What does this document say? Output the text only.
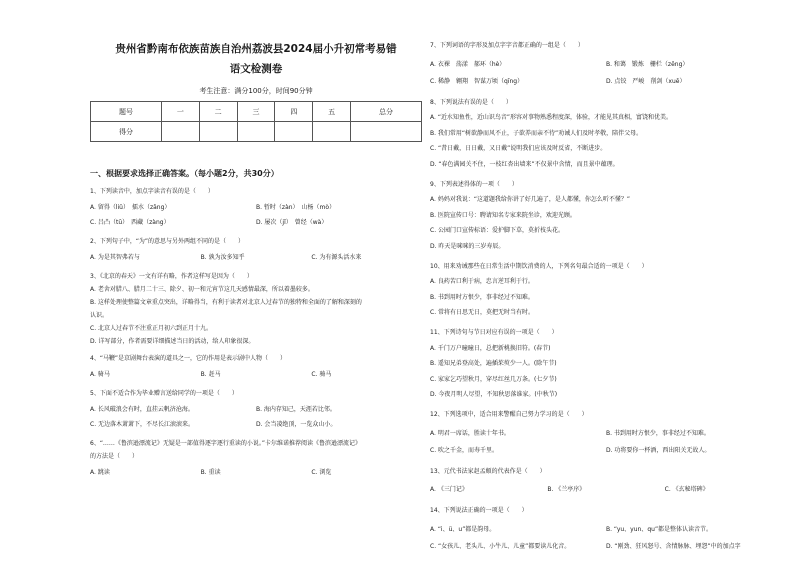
贵州省黔南布依族苗族自治州荔波县2024届小升初常考易错
语文检测卷
考生注意：满分100分，时间90分钟
题号	一	二	三	四	五	总分
得分						
一、根据要求选择正确答案。（每小题2分，共30分）
1、下列读音中，加点字读音有误的是（　　）
A. 留得（liǔ）　擂水（zāng）	B. 暂时（zàn）　山杨（mò）
C. 吕凸（tū）　西藏（zàng）	D. 屡次（jǐ）　曾经（wà）
2、下列句子中，“为”的意思与另外两组不同的是（　　）
A. 为是其智弗若与	B. 孰为汝多知乎	C. 为有源头活水来
3、《北京的春天》一文有详有略，作者这样写是因为（　　）
A. 老舍对腊八、腊月二十三、除夕、初一和元宵节这几天感情最深，所以着墨较多。
B. 这样处理使整篇文章重点突出，详略得当，有利于读者对北京人过春节的独特和全面的了解和深刻的
认识。
C. 北京人过春节不注重正月初六到正月十九。
D. 详写部分，作者需要详细描述当日的活动，给人印象很深。
4、“马鞭”是京剧舞台表演的道具之一，它的作用是表示剧中人物（　　）
A. 骑马	B. 赶马	C. 骑马
5、下面不适合作为毕业赠言送给同学的一项是（　　）
A. 长风破浪会有时，直挂云帆济沧海。	B. 海内存知己，天涯若比邻。
C. 无边落木萧萧下，不尽长江滚滚来。	D. 会当凌绝顶，一览众山小。
6、“……《鲁滨逊漂流记》无疑是一部值得逐字逐行重读的小说。”卡尔维诺推荐阅读《鲁滨逊漂流记》
的方法是（　　）
A. 跳读	B. 重读	C. 浏览
7、下列词语的字形及加点字字音都正确的一组是（　　）
A. 衣裸　荡漾　郝环（hè）	B. 和蔼　锻炼　栅栏（zēng）
C. 稀静　翱翔　智谋万顷（qīng）	D. 点铰　严峻　削剑（xuē）
8、下列说法有误的是（　　）
A. “近水知鱼性，近山识鸟音”形容对事物熟悉程度深，体验，才能见其真相，富饶和优美。
B. 我们常用“树欲静而风不止，子欲养而亲不待”劝诫人们及时孝敬，陪伴父母。
C. “昔日戴，日日戴，又日戴”说明我们应该及时反省，不断进步。
D. “春色满园关不住，一枝红杏出墙来”不仅景中含情，而且景中蕴理。
9、下列表述得体的一项（　　）
A. 妈妈对我说：“这道题我给你讲了好几遍了，是人都懂，你怎么听不懂？”
B. 医院宣传口号：聘请知名专家来院坐诊，欢迎光顾。
C. 公园门口宣传标语：爱护脚下草，莫折枝头花。
D. 昨天是咪咪的三岁寿辰。
10、用来劝诫那些在日常生活中期饮消费的人，下列名句最合适的一项是（　　）
A. 良药苦口利于病，忠言逆耳利于行。
B. 书到用时方恨少，事非经过不知难。
C. 常将有日思无日，莫把无时当有时。
11、下列诗句与节日对应有误的一项是（　　）
A. 千门万户曈曈日，总把新桃换旧符。(春节)
B. 遥知兄弟登高处，遍插茱萸少一人。(除午节)
C. 家家乞巧望秋月，穿尽红丝几万条。(七夕节)
D. 今夜月明人尽望，不知秋思落谁家。(中秋节)
12、下列选项中，适合用来警醒自己努力学习的是（　　）
A. 明君一席话，胜读十年书。	B. 书到用时方恨少，事非经过不知难。
C. 吹之千金，而寿千里。	D. 功将要你一杯酒，西出阳关无故人。
13、元代书法家赵孟頫的代表作是（　　）
A. 《三门记》	B. 《兰亭序》	C. 《玄秘塔碑》
14、下列说法正确的一项是（　　）
A. “i、ü、u”都是韵母。	B. “yu、yun、qu”都是整体认读音节。
C. “女孩儿、老头儿、小牛儿、儿童”都要读儿化音。	D. “刚劲、狂风怒号、含情脉脉、埋怨”中的加点字
